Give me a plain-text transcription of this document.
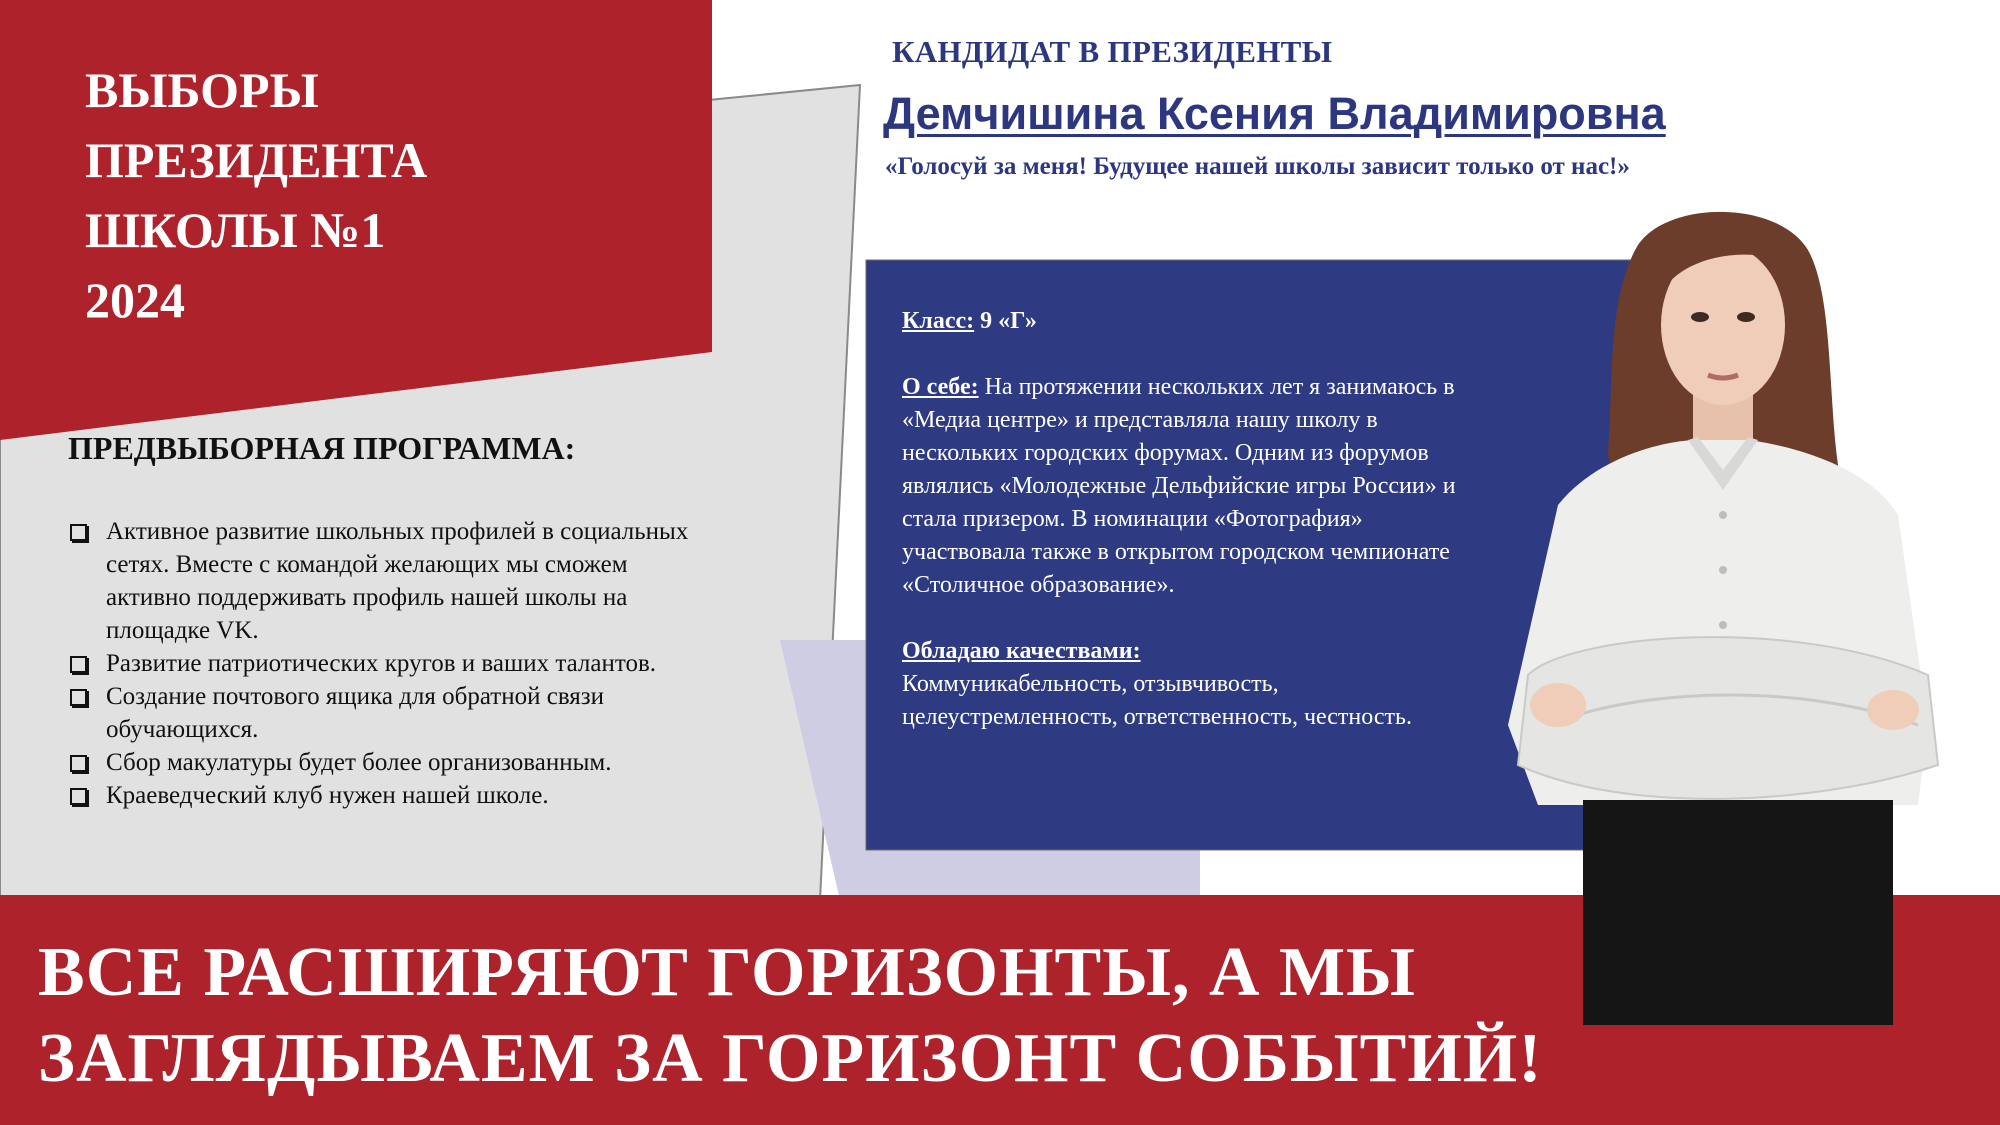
ВЫБОРЫ
ПРЕЗИДЕНТА
ШКОЛЫ №1
2024
ПРЕДВЫБОРНАЯ ПРОГРАММА:
Активное развитие школьных профилей в социальных сетях. Вместе с командой желающих мы сможем активно поддерживать профиль нашей школы на площадке VK.
Развитие патриотических кругов и ваших талантов.
Создание почтового ящика для обратной связи обучающихся.
Сбор макулатуры будет более организованным.
Краеведческий клуб нужен нашей школе.
КАНДИДАТ В ПРЕЗИДЕНТЫ
Демчишина Ксения Владимировна
«Голосуй за меня! Будущее нашей школы зависит только от нас!»
Класс: 9 «Г»
О себе: На протяжении нескольких лет я занимаюсь в «Медиа центре» и представляла нашу школу в нескольких городских форумах. Одним из форумов являлись «Молодежные Дельфийские игры России» и стала призером. В номинации «Фотография» участвовала также в открытом городском чемпионате «Столичное образование».
Обладаю качествами:
Коммуникабельность, отзывчивость, целеустремленность, ответственность, честность.
ВСЕ РАСШИРЯЮТ ГОРИЗОНТЫ, А МЫ
ЗАГЛЯДЫВАЕМ ЗА ГОРИЗОНТ СОБЫТИЙ!
